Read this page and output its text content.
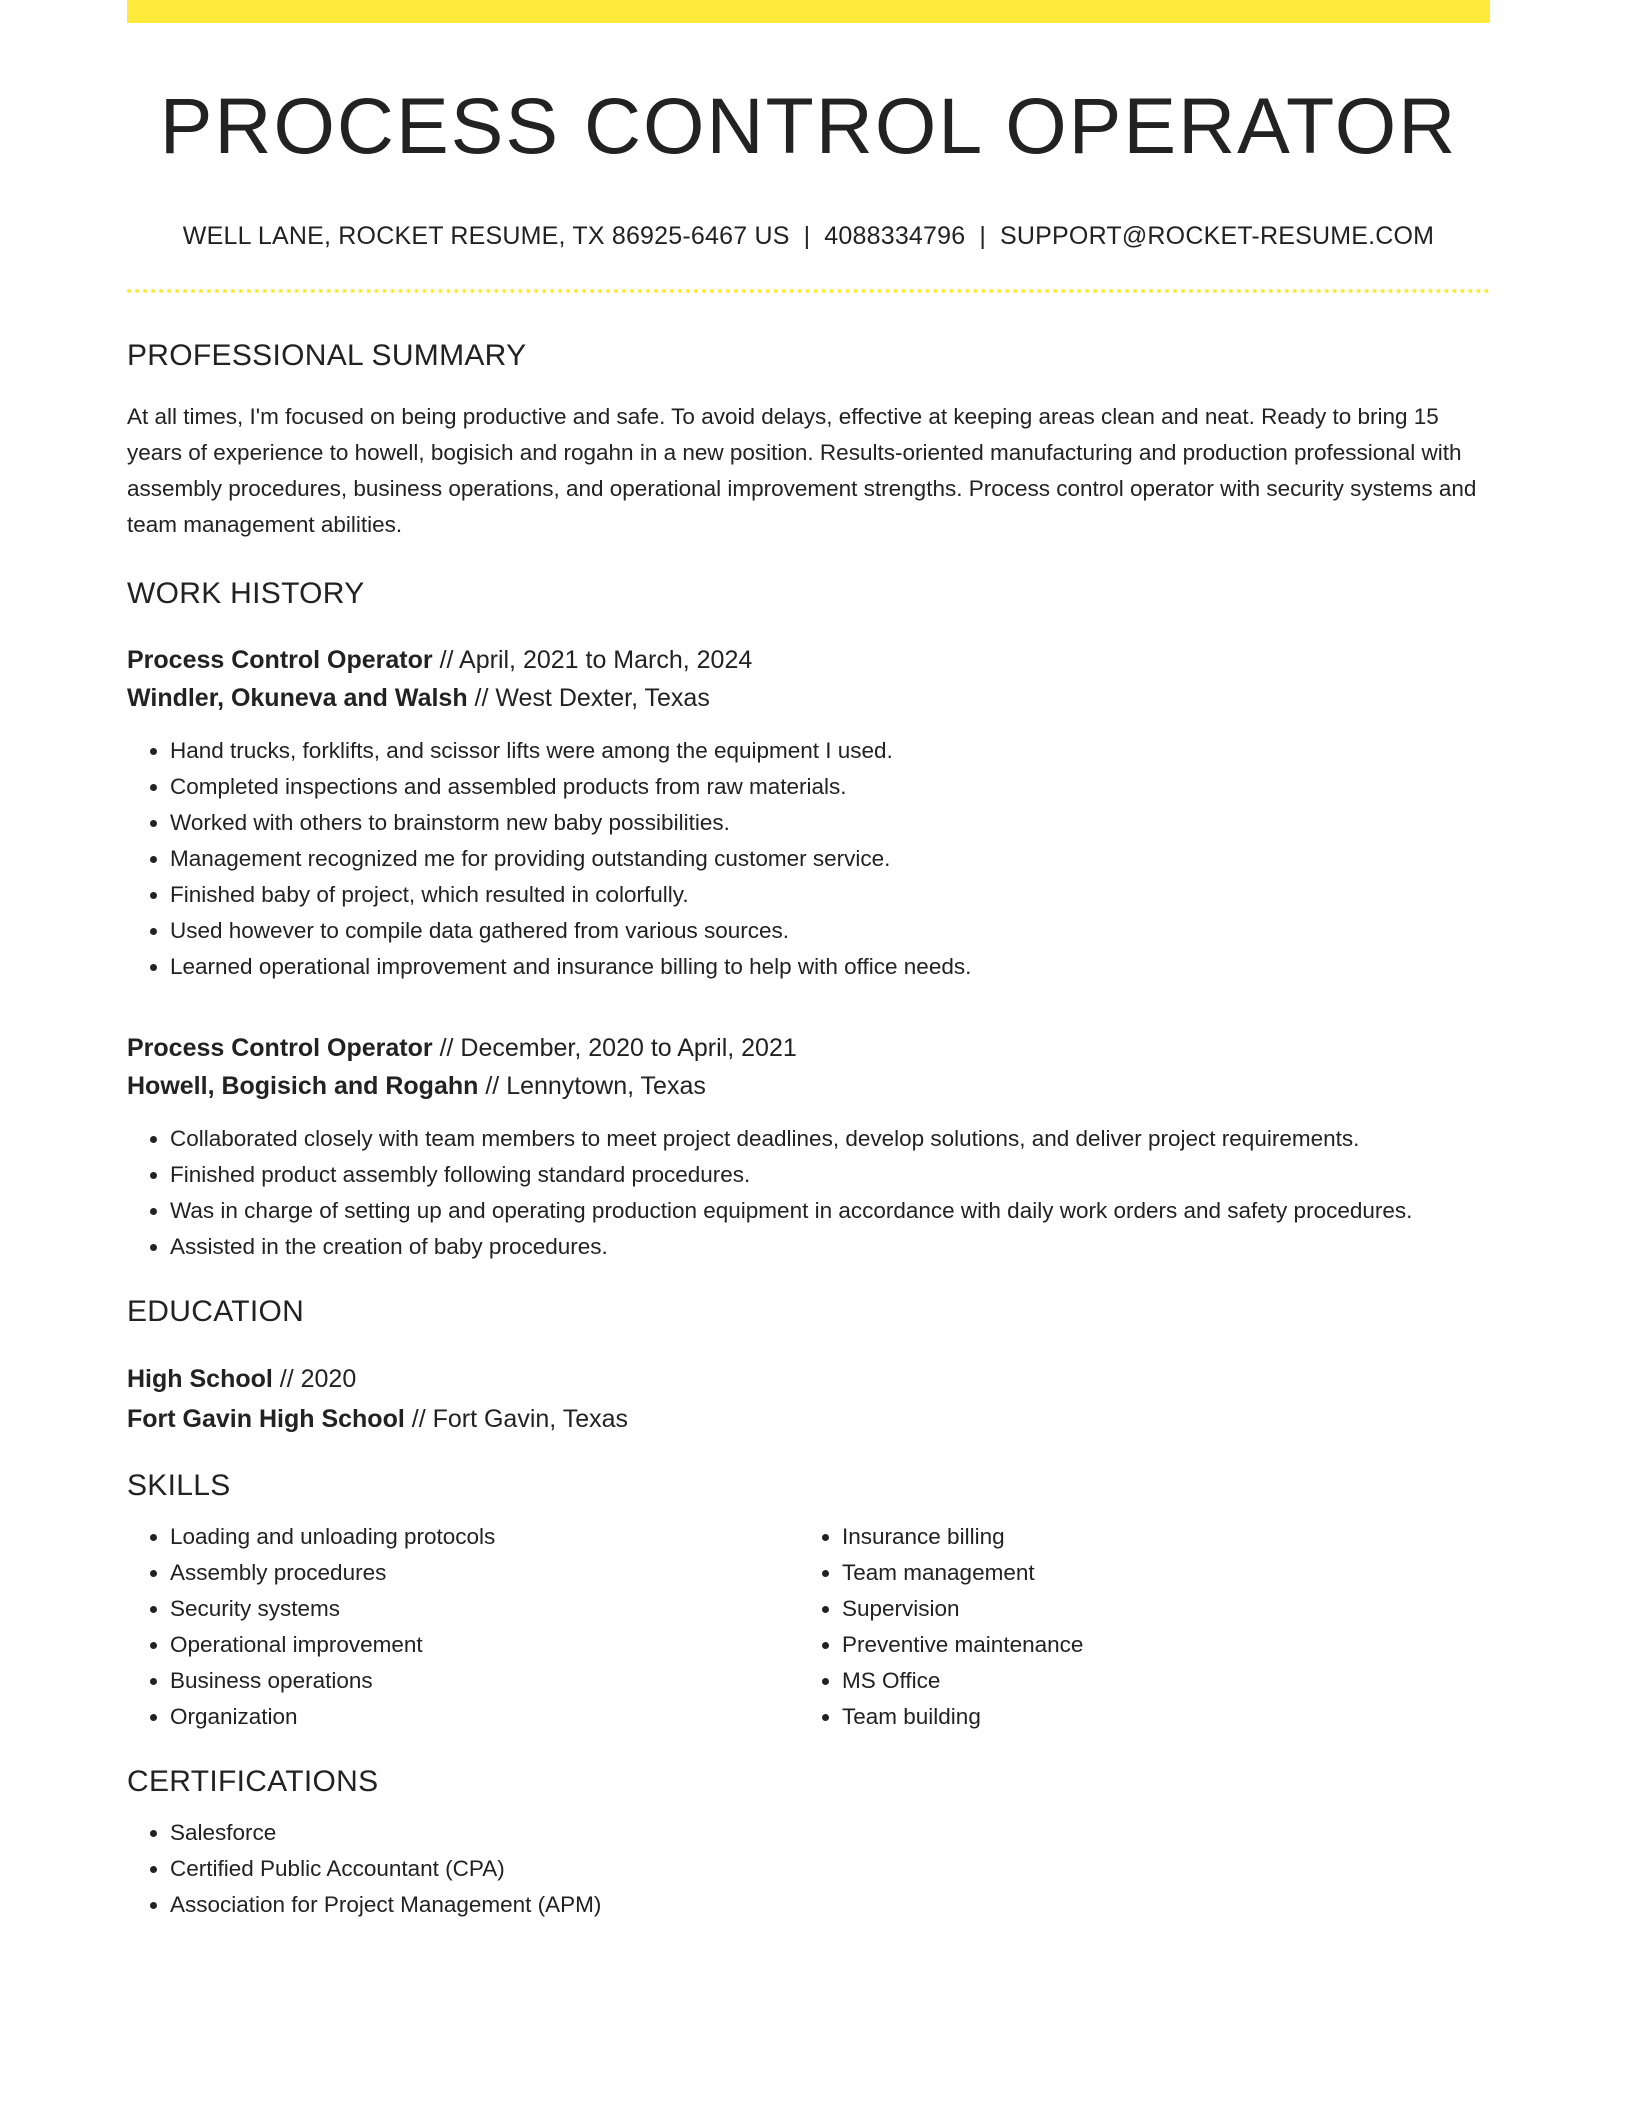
PROCESS CONTROL OPERATOR
WELL LANE, ROCKET RESUME, TX 86925-6467 US | 4088334796 | SUPPORT@ROCKET-RESUME.COM
PROFESSIONAL SUMMARY

At all times, I'm focused on being productive and safe. To avoid delays, effective at keeping areas clean and neat. Ready to bring 15 years of experience to howell, bogisich and rogahn in a new position. Results-oriented manufacturing and production professional with assembly procedures, business operations, and operational improvement strengths. Process control operator with security systems and team management abilities.

WORK HISTORY
Process Control Operator // April, 2021 to March, 2024
Windler, Okuneva and Walsh // West Dexter, Texas
• Hand trucks, forklifts, and scissor lifts were among the equipment I used.
• Completed inspections and assembled products from raw materials.
• Worked with others to brainstorm new baby possibilities.
• Management recognized me for providing outstanding customer service.
• Finished baby of project, which resulted in colorfully.
• Used however to compile data gathered from various sources.
• Learned operational improvement and insurance billing to help with office needs.
Process Control Operator // December, 2020 to April, 2021
Howell, Bogisich and Rogahn // Lennytown, Texas
• Collaborated closely with team members to meet project deadlines, develop solutions, and deliver project requirements.
• Finished product assembly following standard procedures.
• Was in charge of setting up and operating production equipment in accordance with daily work orders and safety procedures.
• Assisted in the creation of baby procedures.
EDUCATION
High School // 2020
Fort Gavin High School // Fort Gavin, Texas
SKILLS
• Loading and unloading protocols
• Assembly procedures
• Security systems
• Operational improvement
• Business operations
• Organization
• Insurance billing
• Team management
• Supervision
• Preventive maintenance
• MS Office
• Team building
CERTIFICATIONS
• Salesforce
• Certified Public Accountant (CPA)
• Association for Project Management (APM)
